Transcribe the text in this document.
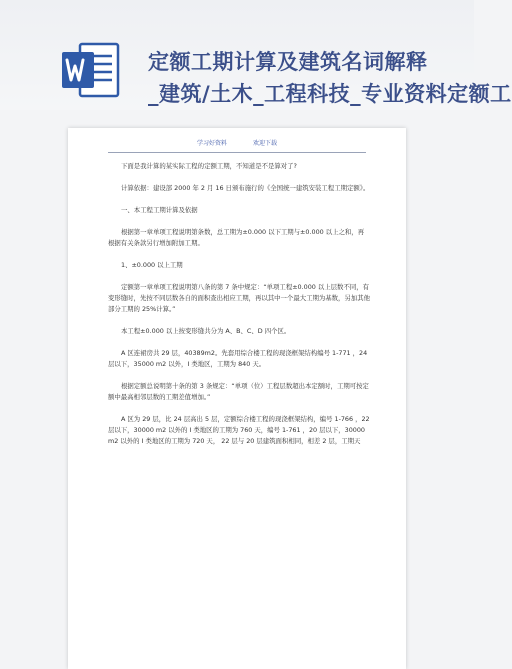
定额工期计算及建筑名词解释
_建筑/土木_工程科技_专业资料定额工
学习好资料	欢迎下载

下面是我计算的某实际工程的定额工期，不知道是不是算对了?

计算依据：建设部 2000 年 2 月 16 日颁布施行的《全国统一建筑安装工程工期定额》。

一、本工程工期计算及依据

根据第一章单项工程说明第条数，总工期为±0.000 以下工期与±0.000 以上之和，再根据有关条款另行增加附加工期。

1、±0.000 以上工期

定额第一章单项工程说明第八条的第 7 条中规定：“单项工程±0.000 以上层数不同，有变形缝时，先按不同层数各自的面积查出相应工期，再以其中一个最大工期为基数，另加其他部分工期的 25%计算。”

本工程±0.000 以上按变形缝共分为 A、B、C、D 四个区。

A 区连裙房共 29 层，40389m2。先套用综合楼工程的现浇框架结构编号 1-771 ，24 层以下，35000 m2 以外，I 类地区，工期为 840 天。

根据定额总说明第十条的第 3 条规定：“单项（位）工程层数超出本定额时，工期可按定额中最高相邻层数的工期差值增加。”

A 区为 29 层，比 24 层高出 5 层，定额综合楼工程的现浇框架结构，编号 1-766 ，22 层以下，30000 m2 以外的 I 类地区的工期为 760 天，编号 1-761 ，20 层以下，30000 m2 以外的 I 类地区的工期为 720 天， 22 层与 20 层建筑面积相同，相差 2 层，工期天
